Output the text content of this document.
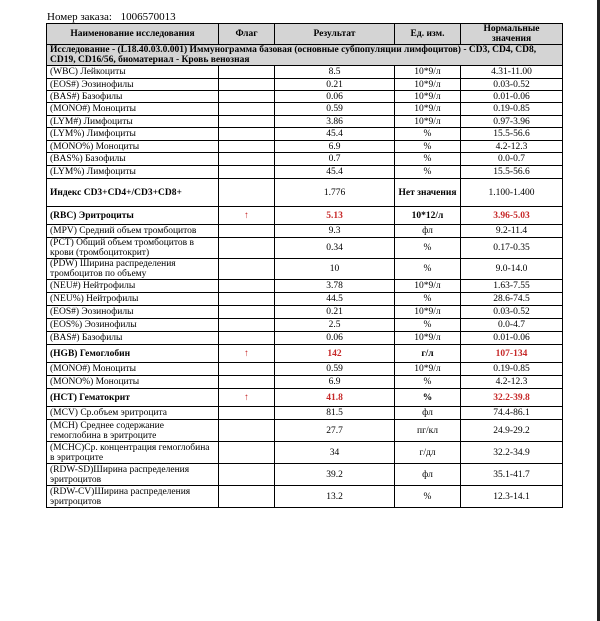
Номер заказа: 1006570013
Наименование исследования	Флаг	Результат	Ед. изм.	Нормальные значения
Исследование - (L18.40.03.0.001) Иммунограмма базовая (основные субпопуляции лимфоцитов) - CD3, CD4, CD8, CD19, CD16/56, биоматериал - Кровь венозная				
(WBC) Лейкоциты		8.5	10*9/л	4.31-11.00
(EOS#) Эозинофилы		0.21	10*9/л	0.03-0.52
(BAS#) Базофилы		0.06	10*9/л	0.01-0.06
(MONO#) Моноциты		0.59	10*9/л	0.19-0.85
(LYM#) Лимфоциты		3.86	10*9/л	0.97-3.96
(LYM%) Лимфоциты		45.4	%	15.5-56.6
(MONO%) Моноциты		6.9	%	4.2-12.3
(BAS%) Базофилы		0.7	%	0.0-0.7
(LYM%) Лимфоциты		45.4	%	15.5-56.6
Индекс CD3+CD4+/CD3+CD8+		1.776	Нет значения	1.100-1.400
(RBC) Эритроциты	↑	5.13	10*12/л	3.96-5.03
(MPV) Средний объем тромбоцитов		9.3	фл	9.2-11.4
(PCT) Общий объем тромбоцитов в крови (тромбоцитокрит)		0.34	%	0.17-0.35
(PDW) Ширина распределения тромбоцитов по объему		10	%	9.0-14.0
(NEU#) Нейтрофилы		3.78	10*9/л	1.63-7.55
(NEU%) Нейтрофилы		44.5	%	28.6-74.5
(EOS#) Эозинофилы		0.21	10*9/л	0.03-0.52
(EOS%) Эозинофилы		2.5	%	0.0-4.7
(BAS#) Базофилы		0.06	10*9/л	0.01-0.06
(HGB) Гемоглобин	↑	142	г/л	107-134
(MONO#) Моноциты		0.59	10*9/л	0.19-0.85
(MONO%) Моноциты		6.9	%	4.2-12.3
(HCT) Гематокрит	↑	41.8	%	32.2-39.8
(MCV) Ср.объем эритроцита		81.5	фл	74.4-86.1
(MCH) Среднее содержание гемоглобина в эритроците		27.7	пг/кл	24.9-29.2
(MCHC)Ср. концентрация гемоглобина в эритроците		34	г/дл	32.2-34.9
(RDW-SD)Ширина распределения эритроцитов		39.2	фл	35.1-41.7
(RDW-CV)Ширина распределения эритроцитов		13.2	%	12.3-14.1
